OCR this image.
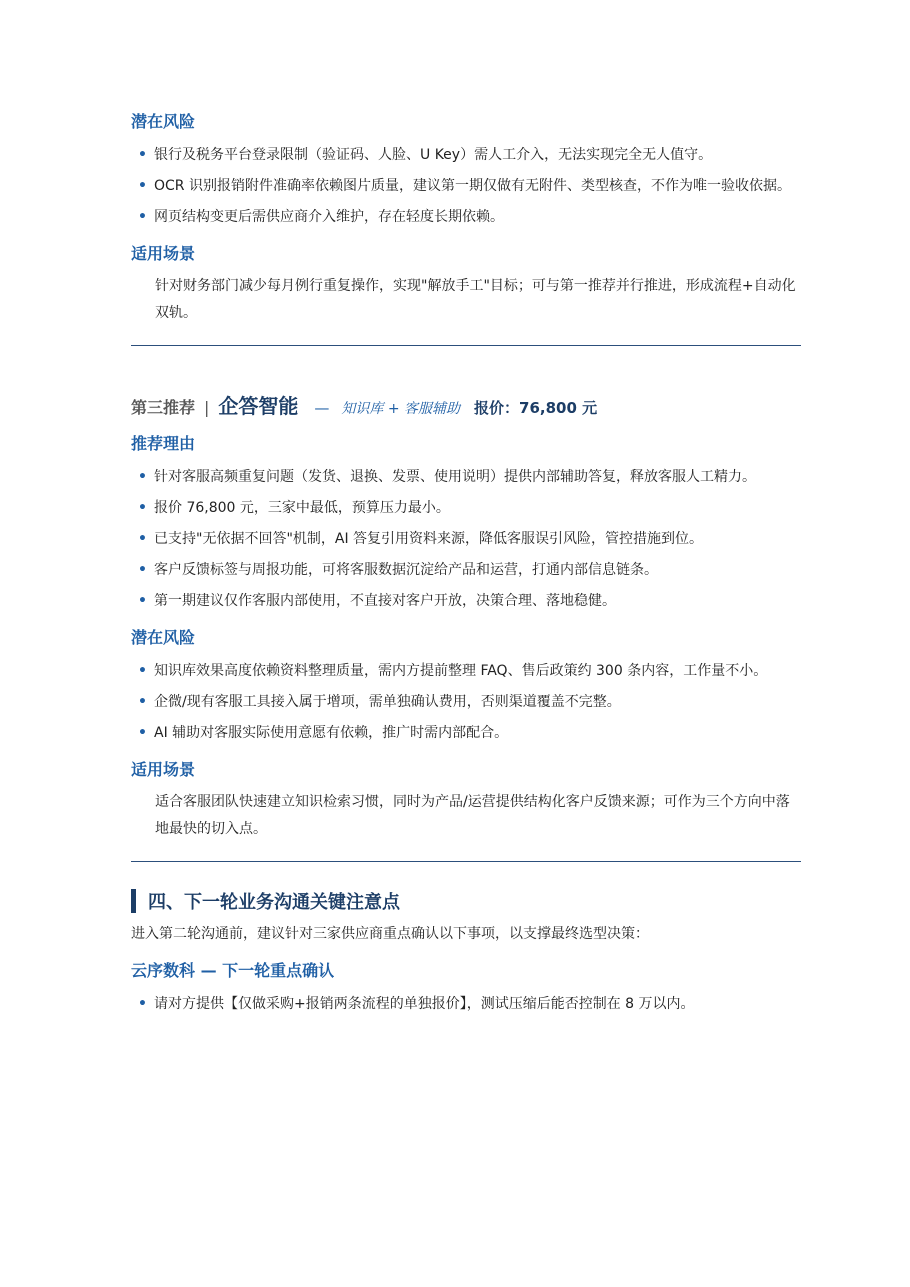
潜在风险
• 银行及税务平台登录限制（验证码、人脸、U Key）需人工介入，无法实现完全无人值守。
• OCR 识别报销附件准确率依赖图片质量，建议第一期仅做有无附件、类型核查，不作为唯一验收依据。
• 网页结构变更后需供应商介入维护，存在轻度长期依赖。
适用场景
针对财务部门减少每月例行重复操作，实现"解放手工"目标；可与第一推荐并行推进，形成流程+自动化双轨。
第三推荐 | 企答智能 — 知识库 + 客服辅助 报价：76,800 元
推荐理由
• 针对客服高频重复问题（发货、退换、发票、使用说明）提供内部辅助答复，释放客服人工精力。
• 报价 76,800 元，三家中最低，预算压力最小。
• 已支持"无依据不回答"机制，AI 答复引用资料来源，降低客服误引风险，管控措施到位。
• 客户反馈标签与周报功能，可将客服数据沉淀给产品和运营，打通内部信息链条。
• 第一期建议仅作客服内部使用，不直接对客户开放，决策合理、落地稳健。
潜在风险
• 知识库效果高度依赖资料整理质量，需内方提前整理 FAQ、售后政策约 300 条内容，工作量不小。
• 企微/现有客服工具接入属于增项，需单独确认费用，否则渠道覆盖不完整。
• AI 辅助对客服实际使用意愿有依赖，推广时需内部配合。
适用场景
适合客服团队快速建立知识检索习惯，同时为产品/运营提供结构化客户反馈来源；可作为三个方向中落地最快的切入点。
四、下一轮业务沟通关键注意点
进入第二轮沟通前，建议针对三家供应商重点确认以下事项，以支撑最终选型决策：
云序数科 — 下一轮重点确认
• 请对方提供【仅做采购+报销两条流程的单独报价】，测试压缩后能否控制在 8 万以内。
